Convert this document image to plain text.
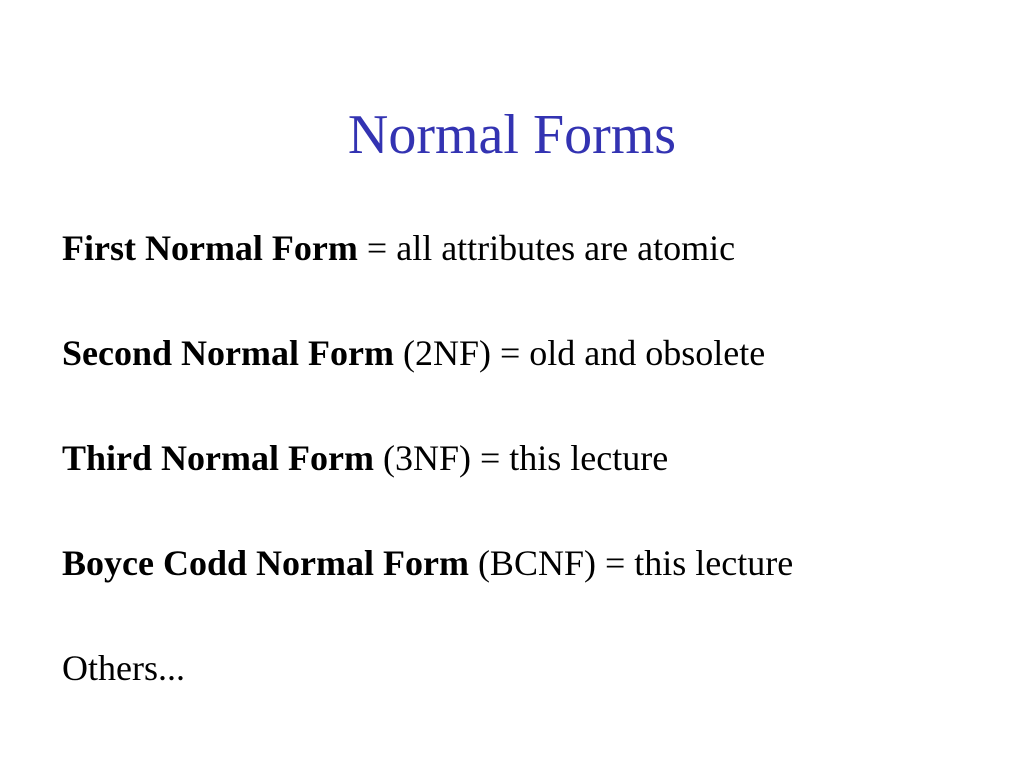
Normal Forms
First Normal Form = all attributes are atomic
Second Normal Form (2NF) = old and obsolete
Third Normal Form (3NF) = this lecture
Boyce Codd Normal Form (BCNF) = this lecture
Others...
